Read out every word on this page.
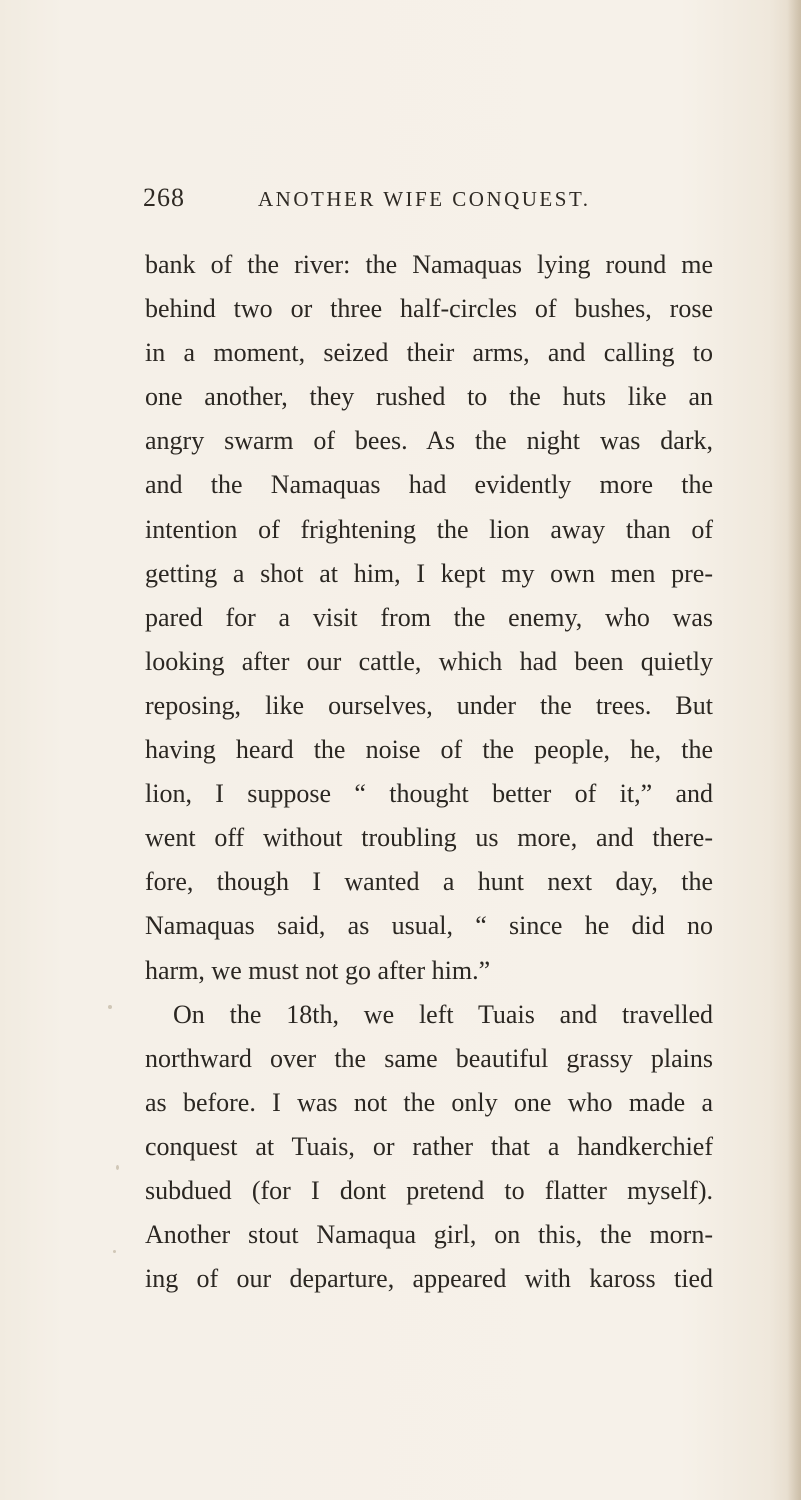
268	ANOTHER WIFE CONQUEST.
bank of the river: the Namaquas lying round me
behind two or three half-circles of bushes, rose
in a moment, seized their arms, and calling to
one another, they rushed to the huts like an
angry swarm of bees. As the night was dark,
and the Namaquas had evidently more the
intention of frightening the lion away than of
getting a shot at him, I kept my own men pre-
pared for a visit from the enemy, who was
looking after our cattle, which had been quietly
reposing, like ourselves, under the trees. But
having heard the noise of the people, he, the
lion, I suppose “ thought better of it,” and
went off without troubling us more, and there-
fore, though I wanted a hunt next day, the
Namaquas said, as usual, “ since he did no
harm, we must not go after him.”
On the 18th, we left Tuais and travelled
northward over the same beautiful grassy plains
as before. I was not the only one who made a
conquest at Tuais, or rather that a handkerchief
subdued (for I dont pretend to flatter myself).
Another stout Namaqua girl, on this, the morn-
ing of our departure, appeared with kaross tied
